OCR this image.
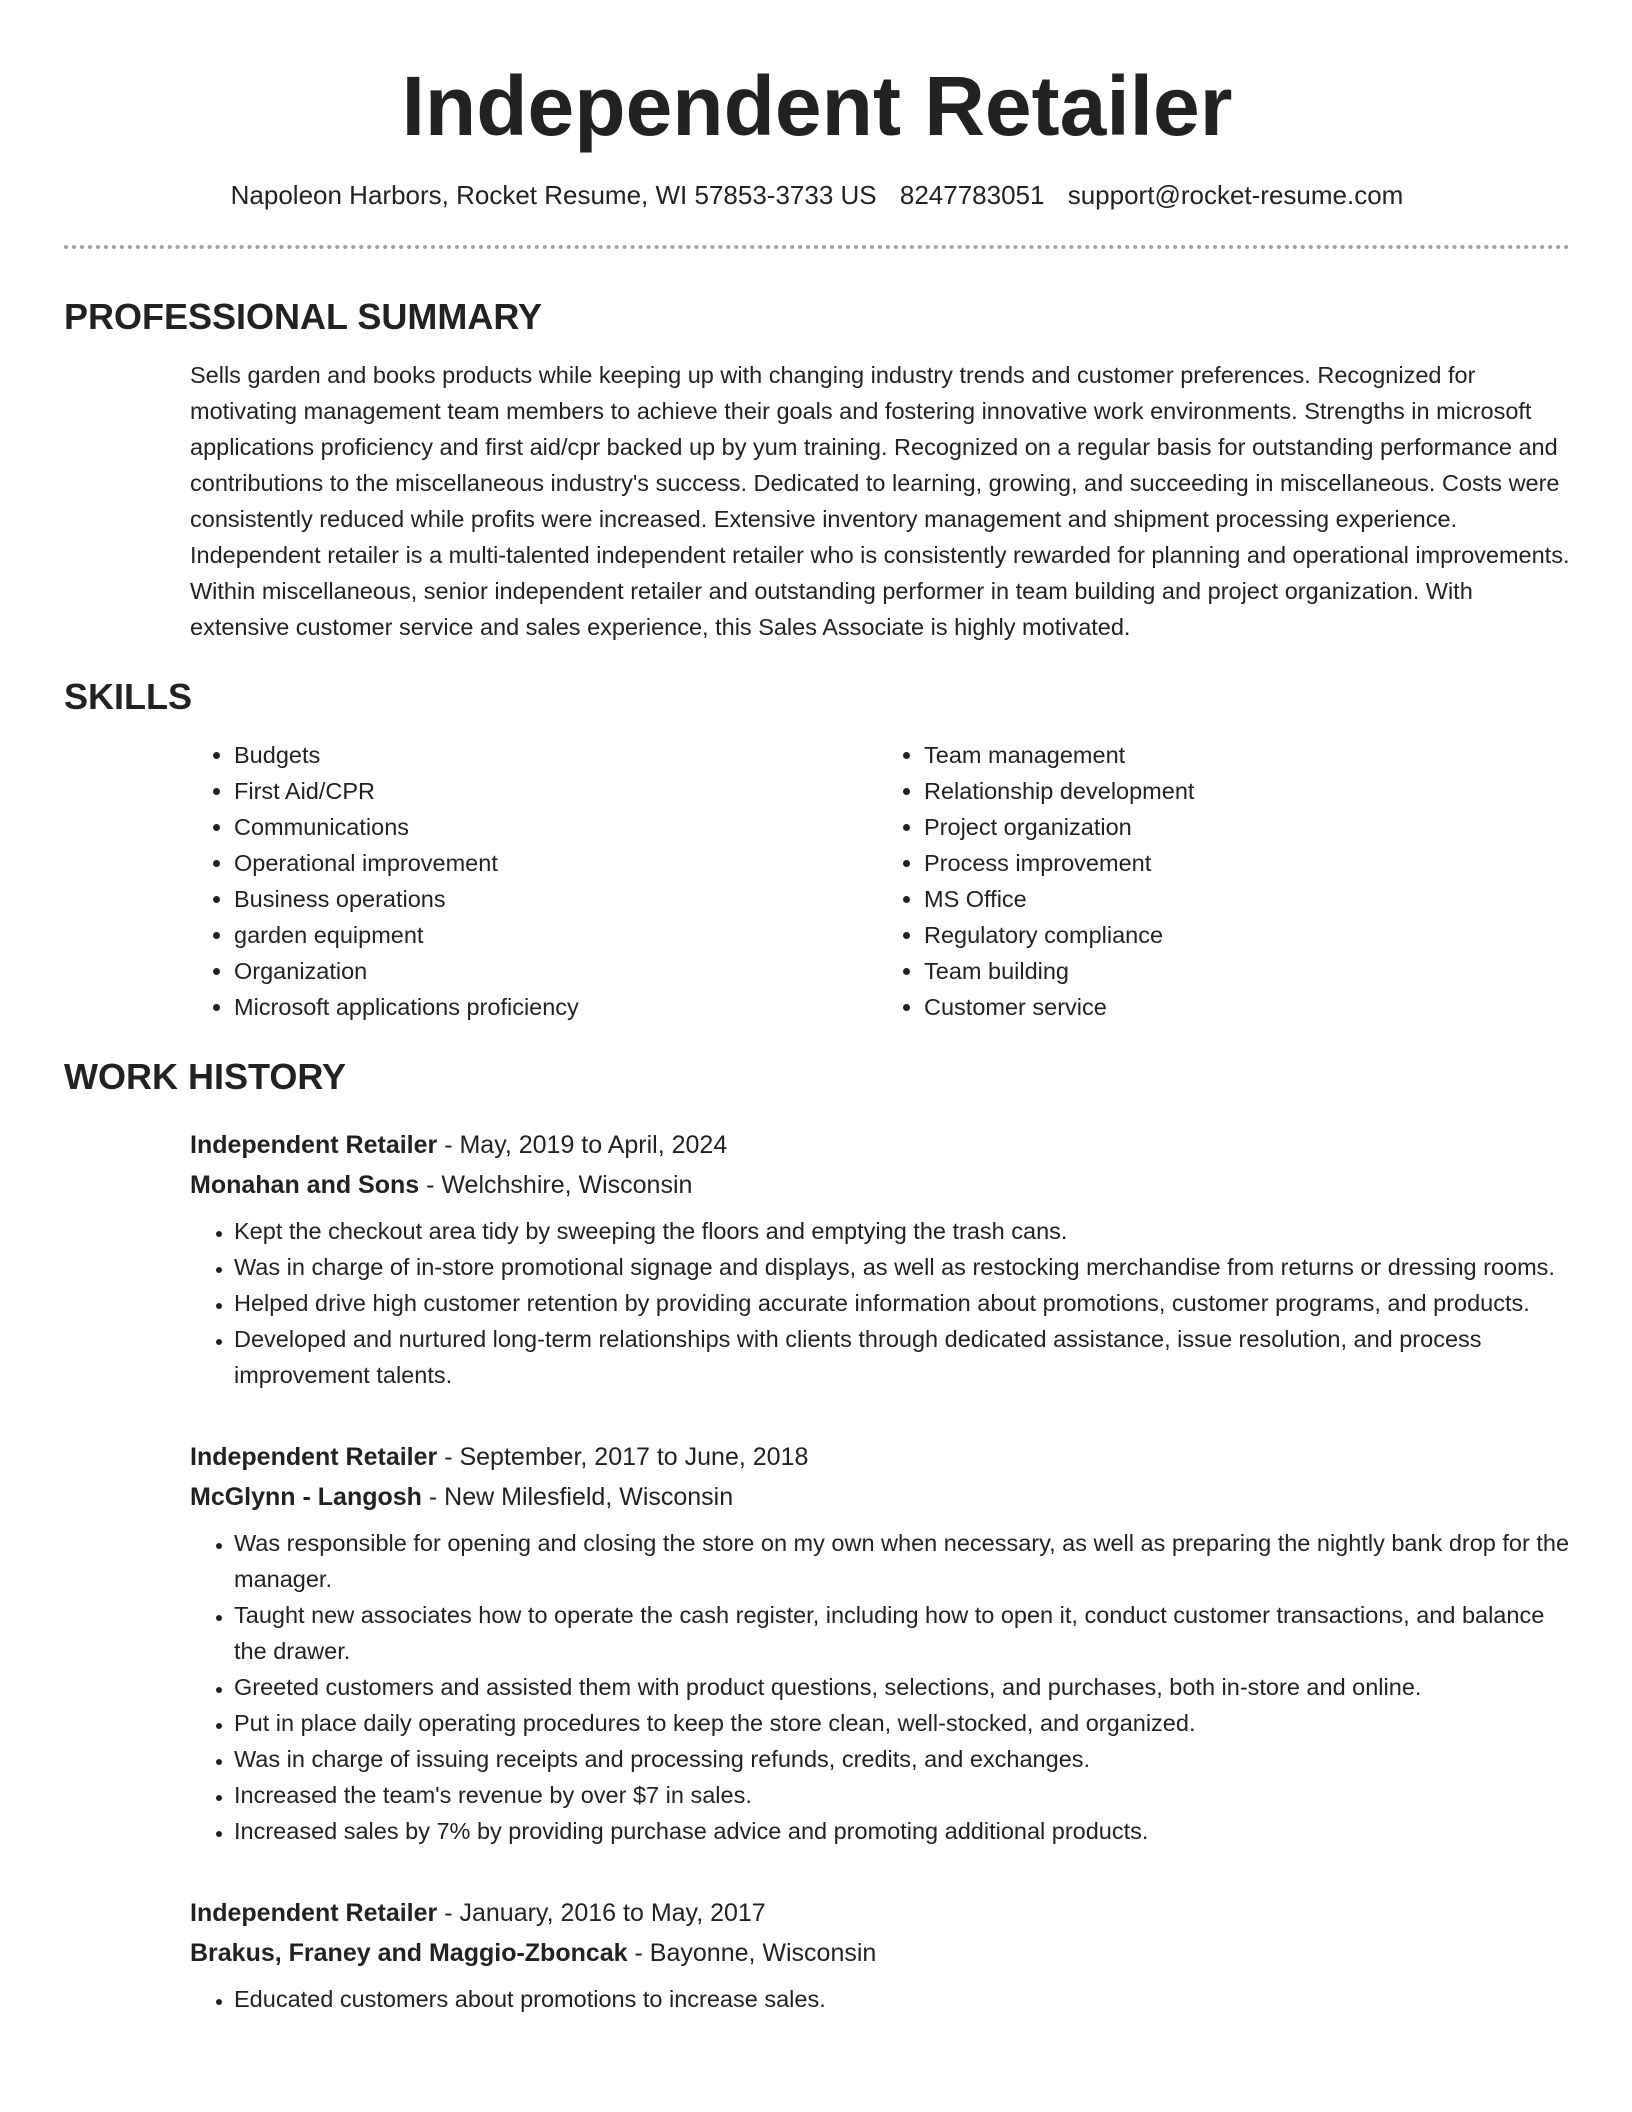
Independent Retailer
Napoleon Harbors, Rocket Resume, WI 57853-3733 US 8247783051 support@rocket-resume.com
PROFESSIONAL SUMMARY
Sells garden and books products while keeping up with changing industry trends and customer preferences. Recognized for motivating management team members to achieve their goals and fostering innovative work environments. Strengths in microsoft applications proficiency and first aid/cpr backed up by yum training. Recognized on a regular basis for outstanding performance and contributions to the miscellaneous industry's success. Dedicated to learning, growing, and succeeding in miscellaneous. Costs were consistently reduced while profits were increased. Extensive inventory management and shipment processing experience. Independent retailer is a multi-talented independent retailer who is consistently rewarded for planning and operational improvements. Within miscellaneous, senior independent retailer and outstanding performer in team building and project organization. With extensive customer service and sales experience, this Sales Associate is highly motivated.
SKILLS
• Budgets
• First Aid/CPR
• Communications
• Operational improvement
• Business operations
• garden equipment
• Organization
• Microsoft applications proficiency
• Team management
• Relationship development
• Project organization
• Process improvement
• MS Office
• Regulatory compliance
• Team building
• Customer service
WORK HISTORY
Independent Retailer - May, 2019 to April, 2024
Monahan and Sons - Welchshire, Wisconsin
• Kept the checkout area tidy by sweeping the floors and emptying the trash cans.
• Was in charge of in-store promotional signage and displays, as well as restocking merchandise from returns or dressing rooms.
• Helped drive high customer retention by providing accurate information about promotions, customer programs, and products.
• Developed and nurtured long-term relationships with clients through dedicated assistance, issue resolution, and process improvement talents.
Independent Retailer - September, 2017 to June, 2018
McGlynn - Langosh - New Milesfield, Wisconsin
• Was responsible for opening and closing the store on my own when necessary, as well as preparing the nightly bank drop for the manager.
• Taught new associates how to operate the cash register, including how to open it, conduct customer transactions, and balance the drawer.
• Greeted customers and assisted them with product questions, selections, and purchases, both in-store and online.
• Put in place daily operating procedures to keep the store clean, well-stocked, and organized.
• Was in charge of issuing receipts and processing refunds, credits, and exchanges.
• Increased the team's revenue by over $7 in sales.
• Increased sales by 7% by providing purchase advice and promoting additional products.
Independent Retailer - January, 2016 to May, 2017
Brakus, Franey and Maggio-Zboncak - Bayonne, Wisconsin
• Educated customers about promotions to increase sales.
